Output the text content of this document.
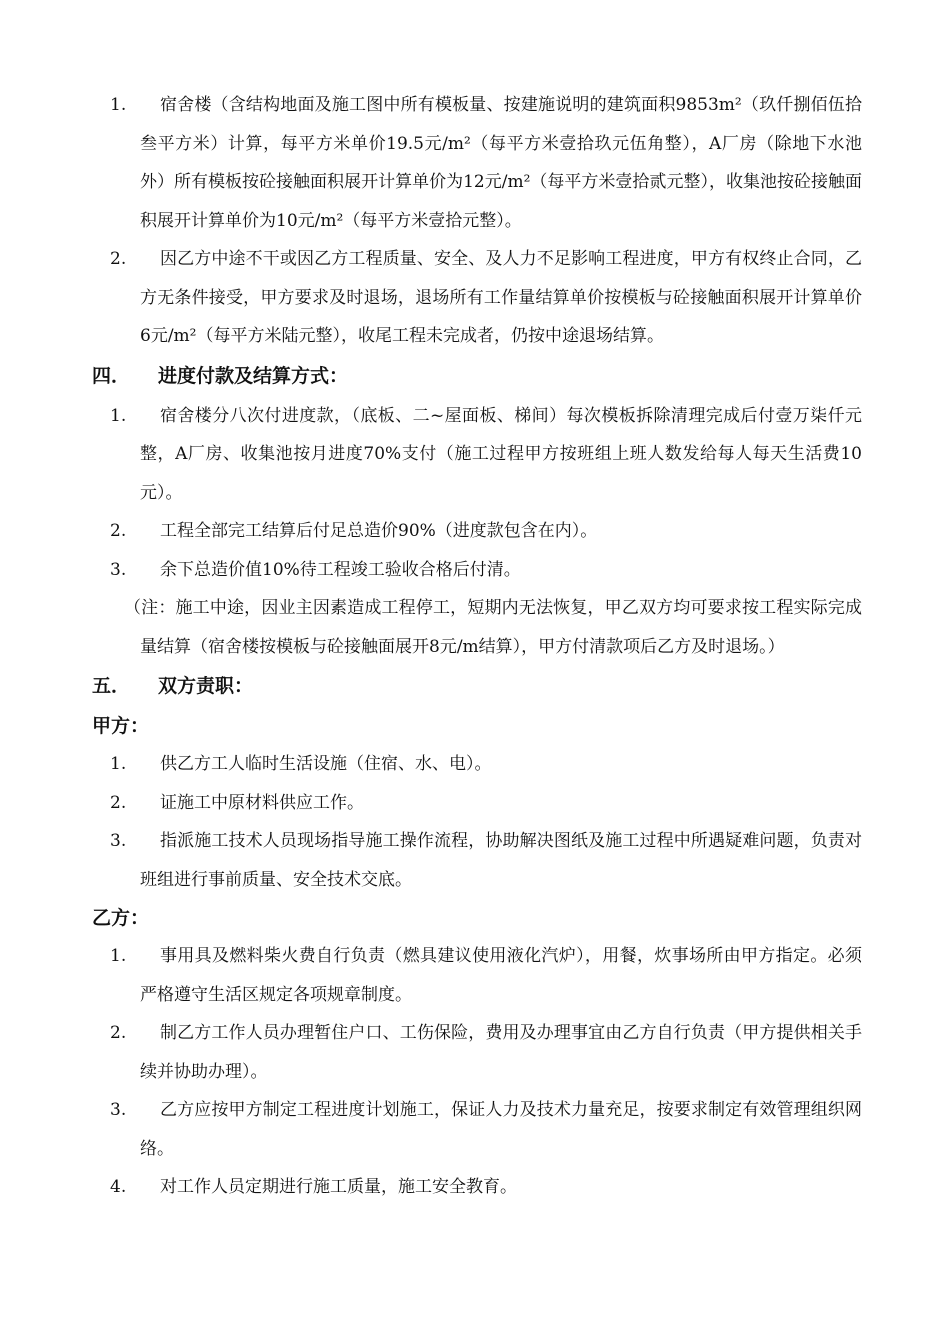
1.	宿舍楼（含结构地面及施工图中所有模板量、按建施说明的建筑面积9853m²（玖仟捌佰伍拾叁平方米）计算，每平方米单价19.5元/m²（每平方米壹拾玖元伍角整），A厂房（除地下水池外）所有模板按砼接触面积展开计算单价为12元/m²（每平方米壹拾贰元整），收集池按砼接触面积展开计算单价为10元/m²（每平方米壹拾元整）。
2.	因乙方中途不干或因乙方工程质量、安全、及人力不足影响工程进度，甲方有权终止合同，乙方无条件接受，甲方要求及时退场，退场所有工作量结算单价按模板与砼接触面积展开计算单价6元/m²（每平方米陆元整），收尾工程未完成者，仍按中途退场结算。
四． 进度付款及结算方式：
1.	宿舍楼分八次付进度款，（底板、二~屋面板、梯间）每次模板拆除清理完成后付壹万柒仟元整，A厂房、收集池按月进度70%支付（施工过程甲方按班组上班人数发给每人每天生活费10元）。
2.	工程全部完工结算后付足总造价90%（进度款包含在内）。
3.	余下总造价值10%待工程竣工验收合格后付清。
（注：施工中途，因业主因素造成工程停工，短期内无法恢复，甲乙双方均可要求按工程实际完成量结算（宿舍楼按模板与砼接触面展开8元/m结算），甲方付清款项后乙方及时退场。）
五． 双方责职：
甲方：
1.	供乙方工人临时生活设施（住宿、水、电）。
2.	证施工中原材料供应工作。
3.	指派施工技术人员现场指导施工操作流程，协助解决图纸及施工过程中所遇疑难问题，负责对班组进行事前质量、安全技术交底。
乙方：
1.	事用具及燃料柴火费自行负责（燃具建议使用液化汽炉），用餐，炊事场所由甲方指定。必须严格遵守生活区规定各项规章制度。
2.	制乙方工作人员办理暂住户口、工伤保险，费用及办理事宜由乙方自行负责（甲方提供相关手续并协助办理）。
3.	乙方应按甲方制定工程进度计划施工，保证人力及技术力量充足，按要求制定有效管理组织网络。
4.	对工作人员定期进行施工质量，施工安全教育。
